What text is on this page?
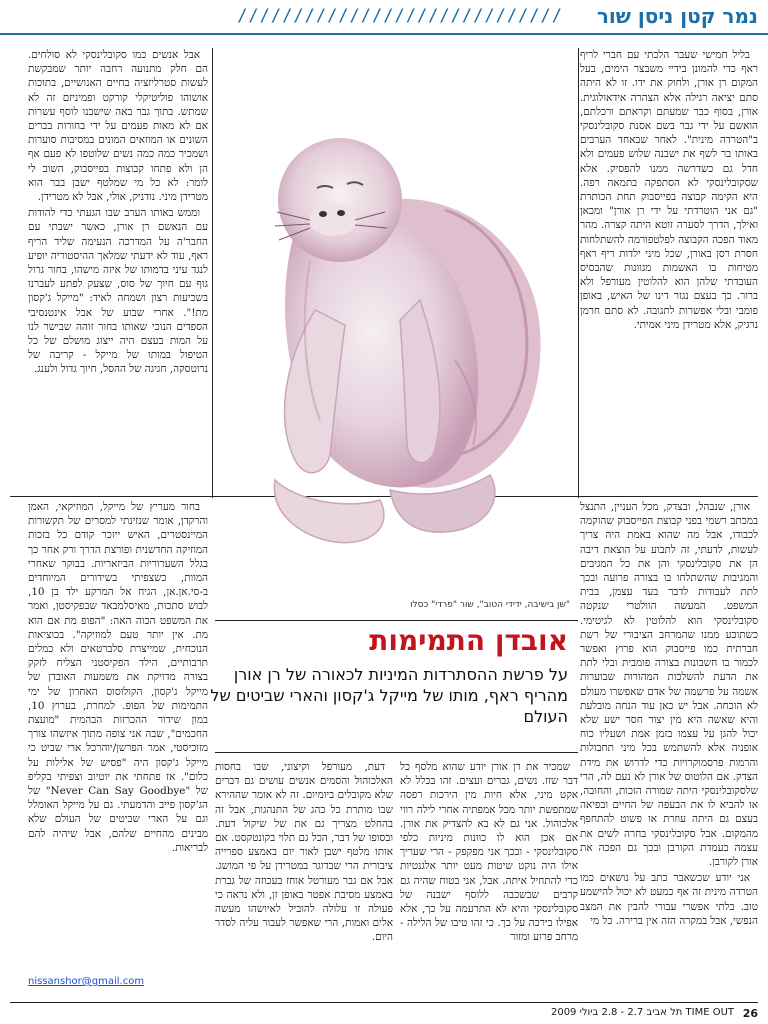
נמר קטן ניסן שור
/////////////////////////////

בליל חמישי שעבר הלכתי עם חברי לריף ראף כדי להמונן בידיי משבצר הימים, בעל המקום רן אורן, ולחוק את ידו. זו לא היתה סתם יציאה רגילה אלא הצהרה אידאולוגית. אורן, בסוף כבר שמעתם וקראתם ורכלתם, הואשם על ידי גבר בשם אסנת סקובלינסקי ב"הטרדה מינית". לאחר שבאחד הערבים באותו בר לשף את ישבנה שלוש פעמים ולא חדל גם כשדרשה ממנו להפסיק. אלא שסקובלינסקי לא הסתפקה בתמאה רפה. היא הקימה קבוצה בפייסבוק תחת הכותרת "גם אני הוטרדתי על ידי רן אורן" ומכאן ואילך, הדרך לסערה זוטא היתה קצרה. מהר מאוד הפכה הקבוצה לפלטפורמה להשתלחות חסרת רסן באורן, שכל מיני ילדות ריף ראף מטיחות בו האשמות מגוונות שהבסיס העובדתי שלהן הוא להלוטין מעורפל ולא ברור. כך בעצם נגזר דינו של האיש, באופן פומבי ובלי אפשרות לתגובה. לא סתם חרמן נרגיק, אלא מטרידן מיני אמיתי.

אורן, שנבהל, ובצדק, מכל העניין, התנצל במכתב רשמי בפני קבוצת הפייסבוק שהוקמה לכבודו, אבל מה שהוא באמת היה צריך לעשות, לדעתי, זה לתבוע על הוצאת דיבה הן את סקובלינסקי והן את כל המגיבים והמגיבות שהשתלחו בו בצורה פרועה ובכך לתת לעבודות לדבר בעד עצמן, בבית המשפט. המעשה הוולטרי שנקטה סקובלינסקי הוא להלוטין לא לגיטימי. כשתוכע ממנו שהמרחב הציבורי של רשת חברתית כמו פייסבוק הוא פרוץ ואפשר לכמור בו חשבונות בצורה פומבית ובלי לתת את הדעת להשלכות המהורות שבוערות אשמה על פרשמה של אדם שאפשרו מעולם לא הוכחה. אבל יש כאן עוד הנחה מובלעת והיא שאשה היא מין יצור חסר ישע שלא יכול להגן על עצמו בזמן אמת ושעליו כוח אופניה אלא להשתמש בכל מיני תחבולות והרמות פרסמוקרויות כדי לדרוש את מידת הצדק. אם הלוטוס של אורן לא נעם לה, הרי שלסקובלינסקי היתה שמורה הזכות, והחובה, או להביא לו את הבעפה של החיים ובפיאה בעצם גם היתה עוזרת או פשוט להתחפף מהמקום. אבל סקובלינסקי בחרה לשים את עצמה בעמדת הקורבן ובכך גם הפכה את אורן לקורבן.

אני יודע שכשאבר כתב על נושאים כמו הטרדה מינית זה אף כמעט לא יכול להישמע טוב. בלתי אפשרי עבורי להבין את המצב הנפשי, אבל במקרה הזה אין ברירה. כל מי

אבל אנשים כמו סקובלינסקי לא סולחים. הם חלק מתנועה רחבה יותר שמבקשת לעשות סטרליזציה בחיים האנושיים, בתוכות אושוהו פוליטיקלי קורקט ופמיניזם זה לא שמתש. בתוך גבר באה שישבנו לוסף עשרות אם לא מאות פעמים על ידי בחורות בברים השונים או המוזאים המונים במסיבות סוערות ושמכיר כמה כמה נשים שלוטפו לא פעם אף הן ולא פתחו קבוצות בפייסבוק, השוב לי לומר: לא כל מי שמלטף ישבן בבר הוא מטרידן מיני. נודניק, אולי, אבל לא מטרידן.

וממש באותו הערב שבו הגעתי כדי להודות עם הנאשם רן אורן, כאשר ישבתי עם החבר'ה על המדרכה הנעימה שליד הריף ראף, עוד לא ידעתי שמלאך ההיסטוריה יופיע לנגד עיני בדמותו של איזה מישהו, בחור גרול גוף עם חיוך של סוס, שצעק לפתע לעברנו בשכיעות רצון ושמחה לאיד: "מייקל ג'קסון מת!". אחרי שבוע של אבל אינטנסיבי הספדים הנוכי שאותו בחור זוהה שבישר לנו על המות בעצם היה ייצוג מושלם של כל הטיפול במותו של מייקל - קריבה של נרוטסקה, חגיגה של ההסל, חיוך גדול ולענג.

בחור מעריץ של מייקל, המוזיקאי, האמן והרקדן, אומר שנזינתי למסרים של תקשורות המיינסטרים, האיש ייזכר קודם כל בזכות המוזיקה החדשנית ופורצת הדרך ורק אחר כך בגלל השערוריות הביזאריות. בבוקר שאחרי המוות, כשצפיתי בשידורים המיוחדים ב-סי.אן.אן, הגיח אל המרקע ילד בן 10, לבוש סתכות, מאיסלמבאד שבפקיסטן, ואמר את המשפט הכוה האה: "הפופ מת אם הוא מת. אין יותר טעם למוזיקה". בכוציאות הנוכחית, שמייצרת סלברטאים ולא כמלים תרבותיים, הילד הפקיסטני הצליח לזקק בצורה מדויקת את משמעות האובדן של מייקל ג'קסון, הקולוסוס האחרון של ימי התמימות של הפופ. למחרת, בערוץ 10, במון שידור ההכרזות הבהמית "מועצת החכמים", שבה אני צופה מתוך איזשהו צורך מזוכיסטי, אמר הפרשן/יוהרכל ארי שביט כי מייקל ג'קסון היה "פסיש של אלילות על כלום". אז פתחתי את יוטיוב וצפיתי בקליפ של "Never Can Say Goodbye" של הג'קסון פייב והדמעתי. גם על מייקל האומלל וגם על הארי שביטים של העולם שלא מבינים מהחיים שלהם, אבל שיהיה להם לבריאות.

שמכיר את רן אורן יודע שהוא מלסף כל דבר שזז. נשים, גברים ועצים. זהו בכלל לא אקט מיני, אלא חיות מין הירכות רפסה שמתפשת יותר מכל אמפתיה אחרי לילה רווי אלכוהול. אני גם לא בא להצדיק את אורן. אם אכן הוא לו כוונות מיניות כלפי סקובלינסקי - ובכך אני מפקפק - הרי שעריך אילו היה נוקט שיטות מעט יותר אלגנטיות כדי להתחיל איתה. אבל, אני בטוח שהיה גם קרבים שבשכבה ללוסף ישבנה של סקובלינסקי והיא לא התרעמה על כך, אלא אפילו בירכה על כך. כי זהו טיבו של הלילה - מרחב פרוע ומזור

דעת, מעורפל וקיצוני, שבו בחסות האלכוהול והסמים אנשים עושים גם דברים שלא מקובלים ביומיום. זה לא אומר שההירא שבו מותרת כל כהג של התנהגות, אבל זה בהחלט מצריך גם את של שיקול דעת. ובסופו של דבר, הכל גם תלוי בקונטקסט. אם אותו מלטף ישבן לאור יום באמצע ספרייה ציבורית הרי שבדוגר במטרידן על פי המושג. אבל אם גבר מעורטל אוחז בעכוזה של גברת באמצע מסיבת אפטר באופן זן, ולא נראה כי פעולה זו עלולה להוביל לאיושהו מעשה אלים ואמות, הרי שאפשר לעבור עליה לסדר היום.

"שן בישיבה, ידידי הטוב", שור "פרדי" כסלו
אובדן התמימות
על פרשת ההסתרדות המיניות לכאורה של רן אורן מהריף ראף, מותו של מייקל ג'קסון והארי שביטים של העולם
nissanshor@gmail.com
26
TIME OUT תל אביב 2.7 - 2.8 ביולי 2009
